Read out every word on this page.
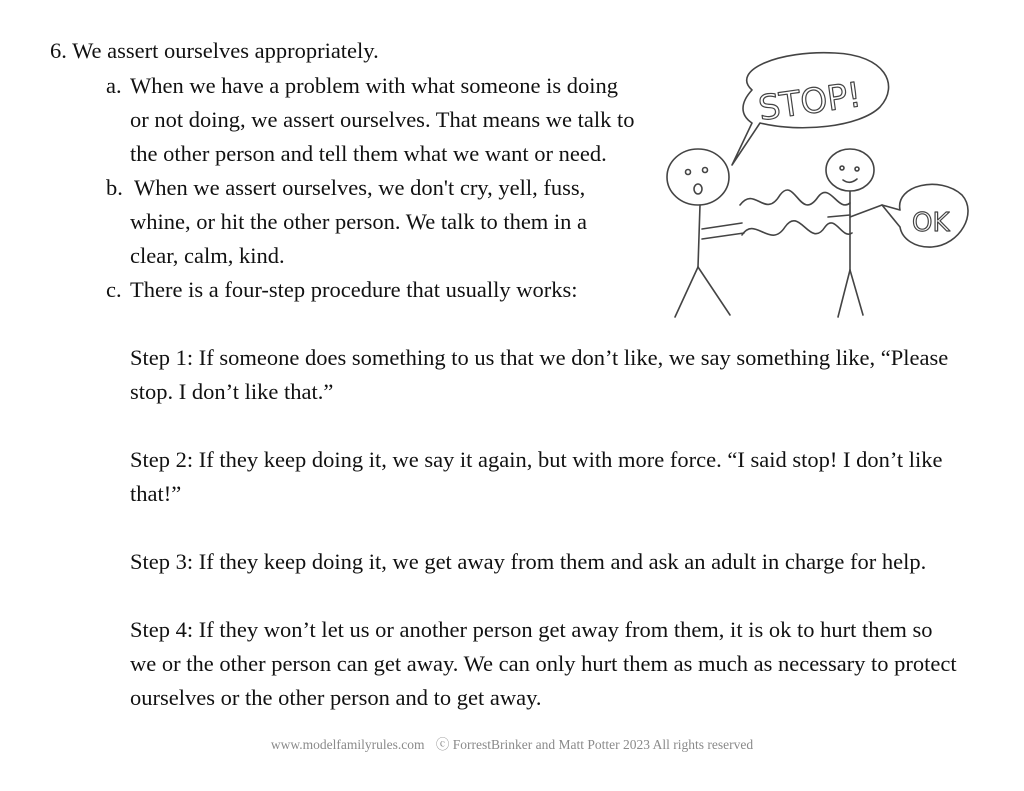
6. We assert ourselves appropriately.
a. When we have a problem with what someone is doing
or not doing, we assert ourselves. That means we talk to
the other person and tell them what we want or need.
b. When we assert ourselves, we don't cry, yell, fuss,
whine, or hit the other person. We talk to them in a
clear, calm, kind.
c. There is a four-step procedure that usually works:
Step 1: If someone does something to us that we don’t like, we say something like, “Please
stop. I don’t like that.”
Step 2: If they keep doing it, we say it again, but with more force. “I said stop! I don’t like
that!”
Step 3: If they keep doing it, we get away from them and ask an adult in charge for help.
Step 4: If they won’t let us or another person get away from them, it is ok to hurt them so
we or the other person can get away. We can only hurt them as much as necessary to protect
ourselves or the other person and to get away.
STOP!
OK
www.modelfamilyrules.com ⓒ ForrestBrinker and Matt Potter 2023 All rights reserved
